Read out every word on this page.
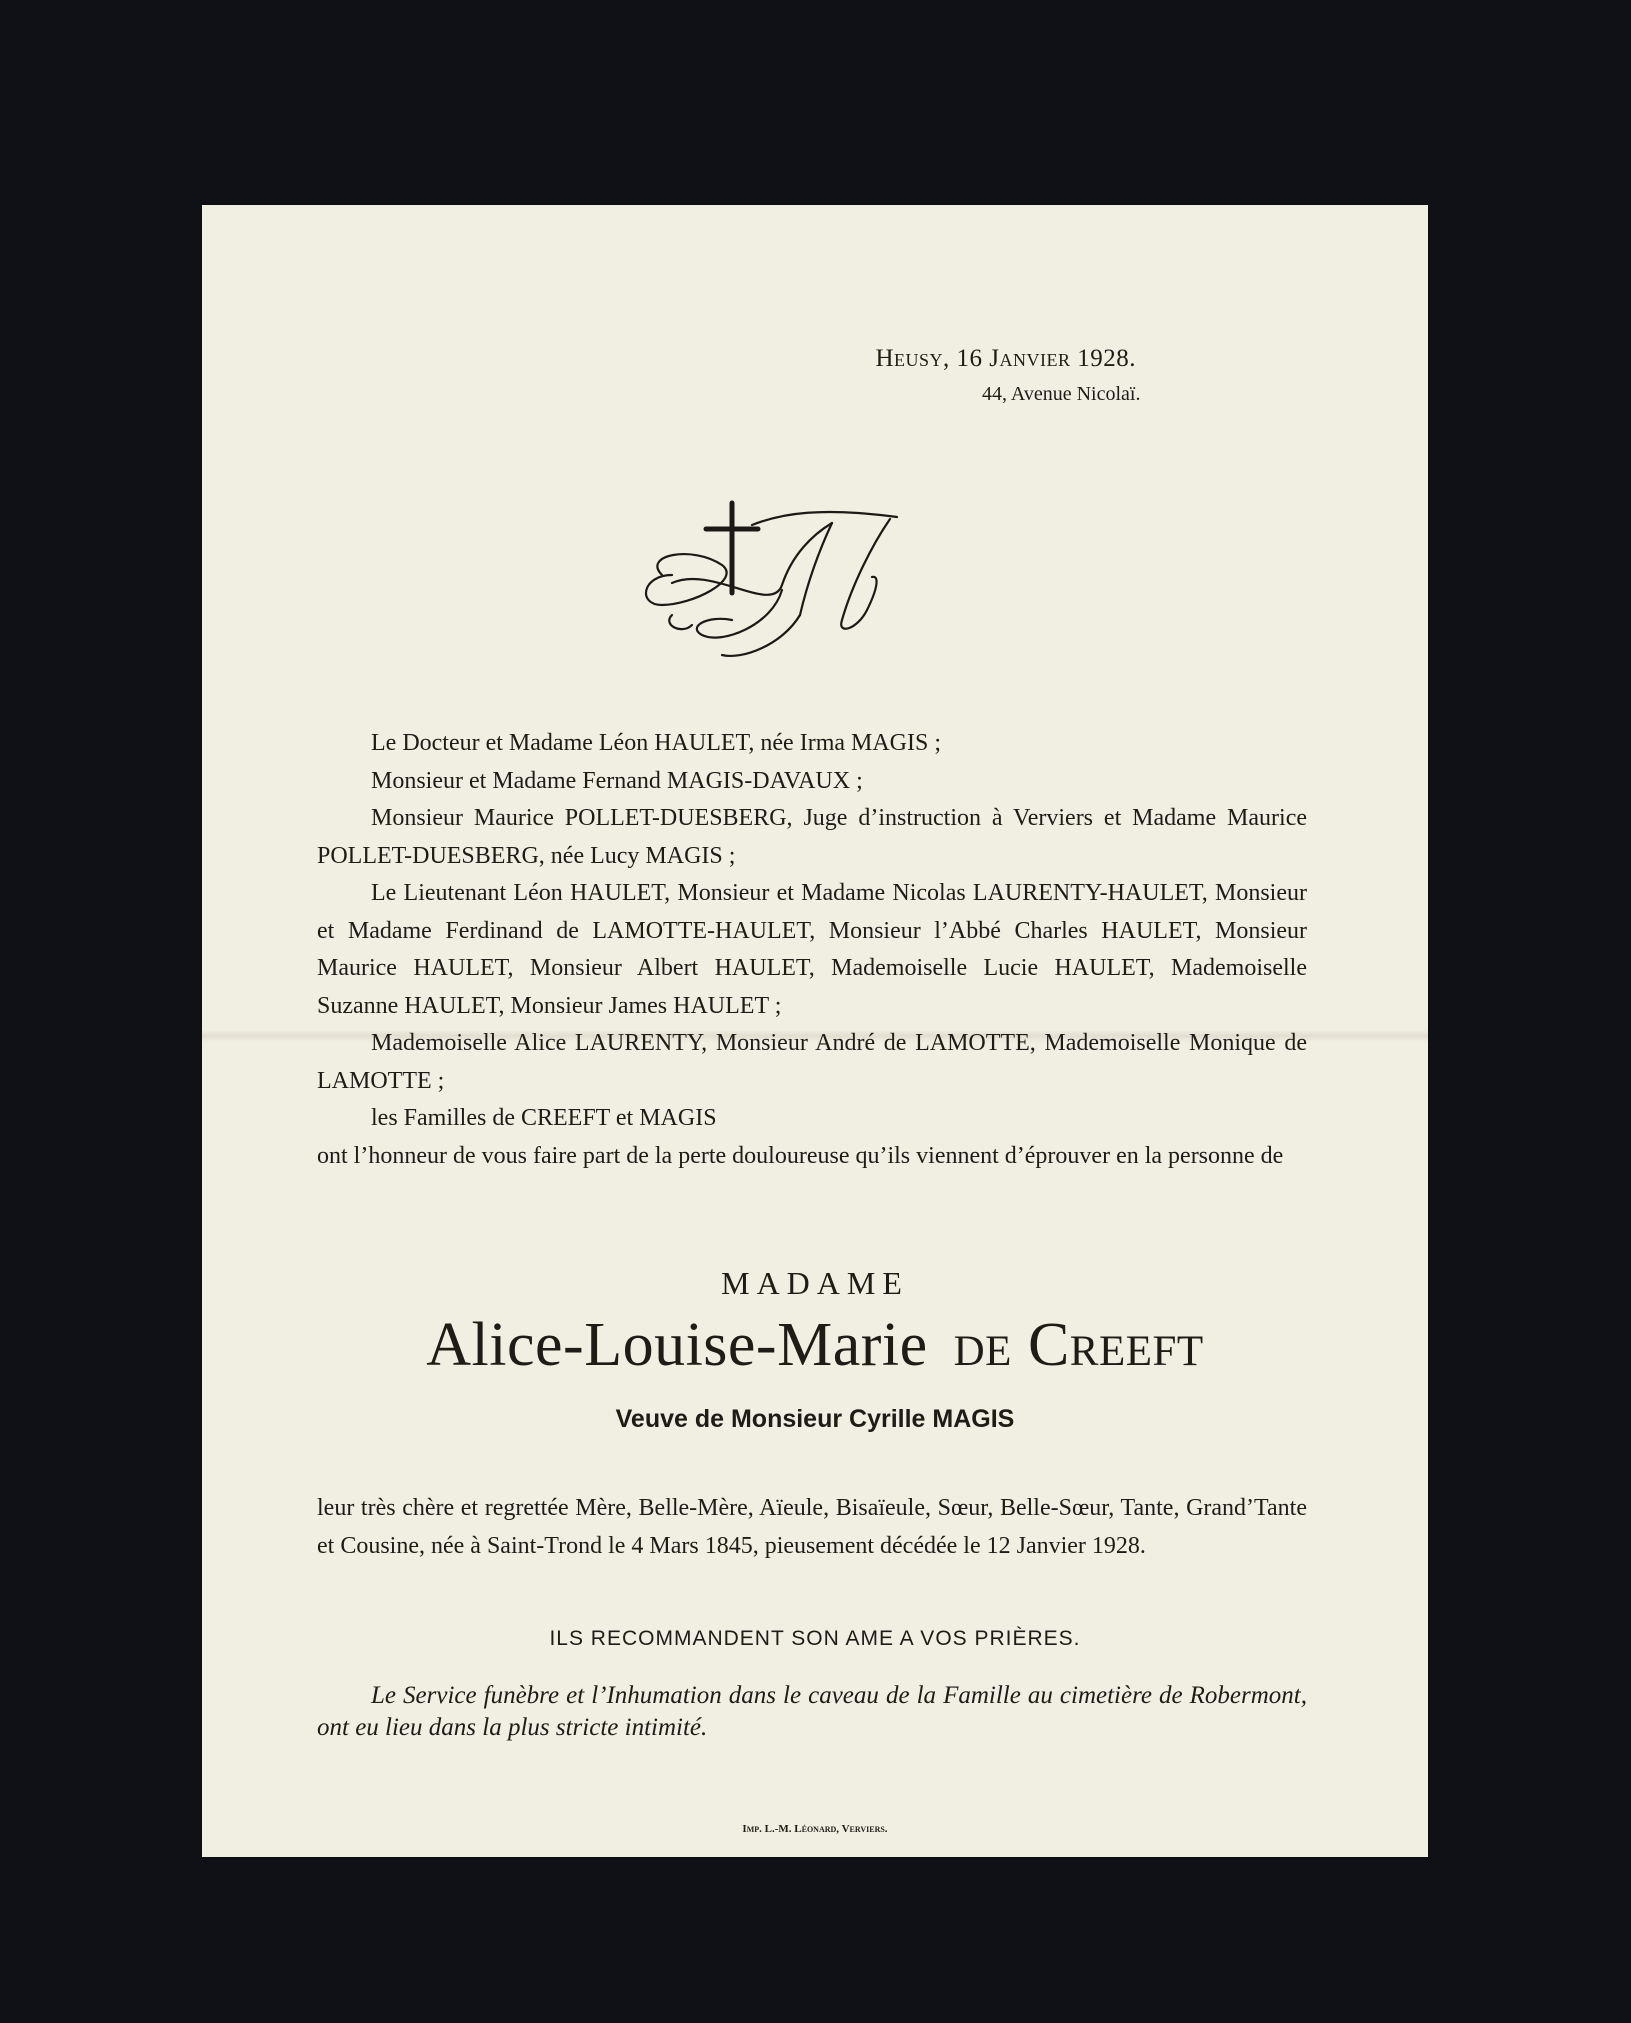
Heusy, 16 Janvier 1928.
44, Avenue Nicolaï.

Le Docteur et Madame Léon HAULET, née Irma MAGIS ;

Monsieur et Madame Fernand MAGIS-DAVAUX ;

Monsieur Maurice POLLET-DUESBERG, Juge d’instruction à Verviers et Madame Maurice POLLET-DUESBERG, née Lucy MAGIS ;

Le Lieutenant Léon HAULET, Monsieur et Madame Nicolas LAURENTY-HAULET, Monsieur et Madame Ferdinand de LAMOTTE-HAULET, Monsieur l’Abbé Charles HAULET, Monsieur Maurice HAULET, Monsieur Albert HAULET, Mademoiselle Lucie HAULET, Mademoiselle Suzanne HAULET, Monsieur James HAULET ;

Mademoiselle Alice LAURENTY, Monsieur André de LAMOTTE, Mademoiselle Monique de LAMOTTE ;

les Familles de CREEFT et MAGIS

ont l’honneur de vous faire part de la perte douloureuse qu’ils viennent d’éprouver en la personne de

MADAME
Alice-Louise-Marie de Creeft
Veuve de Monsieur Cyrille MAGIS
leur très chère et regrettée Mère, Belle-Mère, Aïeule, Bisaïeule, Sœur, Belle-Sœur, Tante, Grand’Tante et Cousine, née à Saint-Trond le 4 Mars 1845, pieusement décédée le 12 Janvier 1928.
ILS RECOMMANDENT SON AME A VOS PRIÈRES.
Le Service funèbre et l’Inhumation dans le caveau de la Famille au cimetière de Robermont, ont eu lieu dans la plus stricte intimité.
Imp. L.-M. Léonard, Verviers.
